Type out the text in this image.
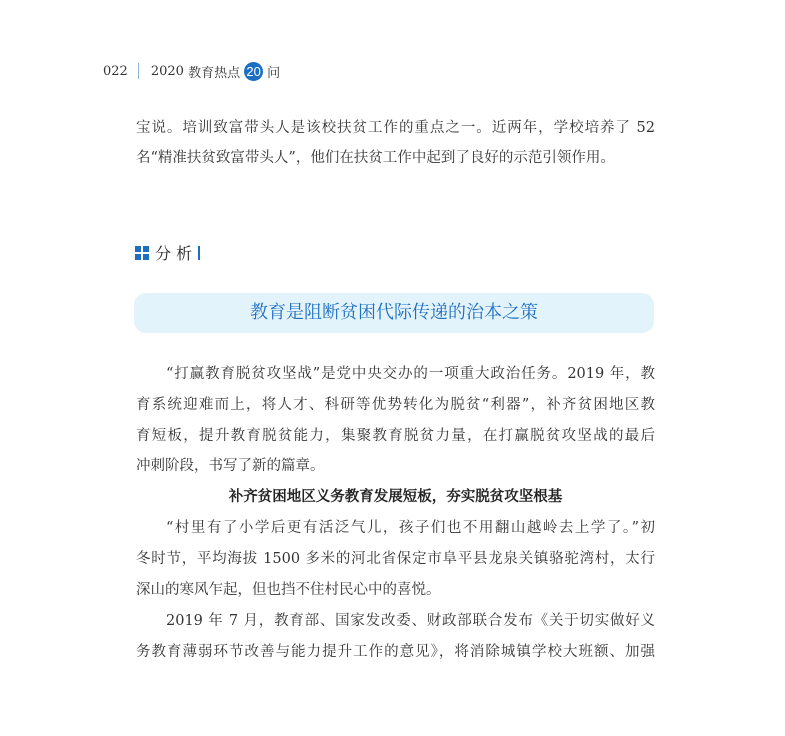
022 2020
教育热点 20 问
宝说。培训致富带头人是该校扶贫工作的重点之一。近两年，学校培养了 52
名“精准扶贫致富带头人”，他们在扶贫工作中起到了良好的示范引领作用。
分 析
教育是阻断贫困代际传递的治本之策
“打赢教育脱贫攻坚战”是党中央交办的一项重大政治任务。2019 年，教
育系统迎难而上，将人才、科研等优势转化为脱贫“利器”，补齐贫困地区教
育短板，提升教育脱贫能力，集聚教育脱贫力量，在打赢脱贫攻坚战的最后
冲刺阶段，书写了新的篇章。
补齐贫困地区义务教育发展短板，夯实脱贫攻坚根基
“村里有了小学后更有活泛气儿，孩子们也不用翻山越岭去上学了。”初
冬时节，平均海拔 1500 多米的河北省保定市阜平县龙泉关镇骆驼湾村，太行
深山的寒风乍起，但也挡不住村民心中的喜悦。
2019 年 7 月，教育部、国家发改委、财政部联合发布《关于切实做好义
务教育薄弱环节改善与能力提升工作的意见》，将消除城镇学校大班额、加强
